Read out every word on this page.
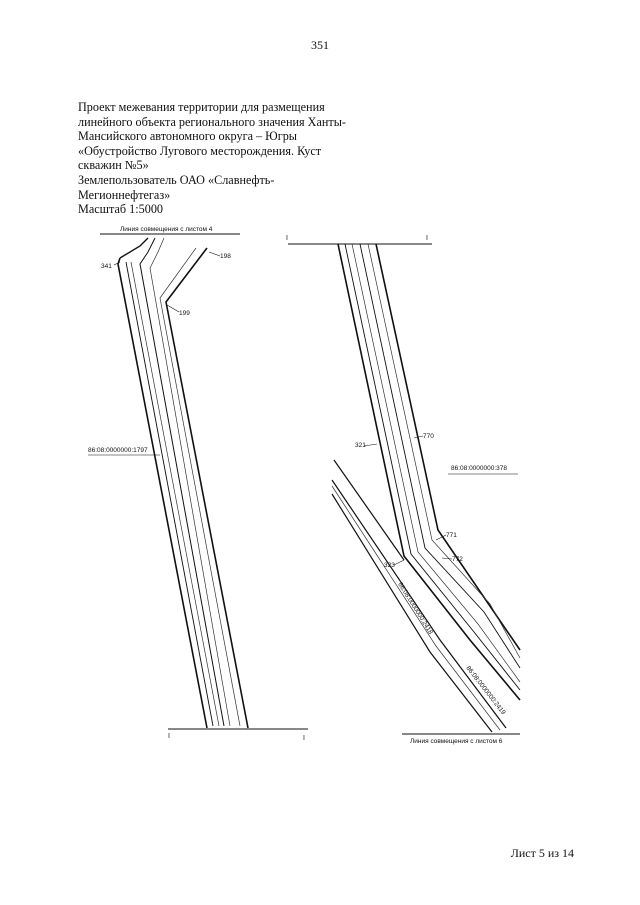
351
Проект межевания территории для размещения
линейного объекта регионального значения Ханты-
Мансийского автономного округа – Югры
«Обустройство Лугового месторождения. Куст
скважин №5»
Землепользователь ОАО «Славнефть-
Мегионнефтегаз»
Масштаб 1:5000
Линия совмещения с листом 4
I	I
341
198
199
86:08:0000000:1797
I	I
321
770
771
772
323
86:08:0000000:378
86:08:0000000:2418
86:08:0000000:2419
Линия совмещения с листом 6
Лист 5 из 14
